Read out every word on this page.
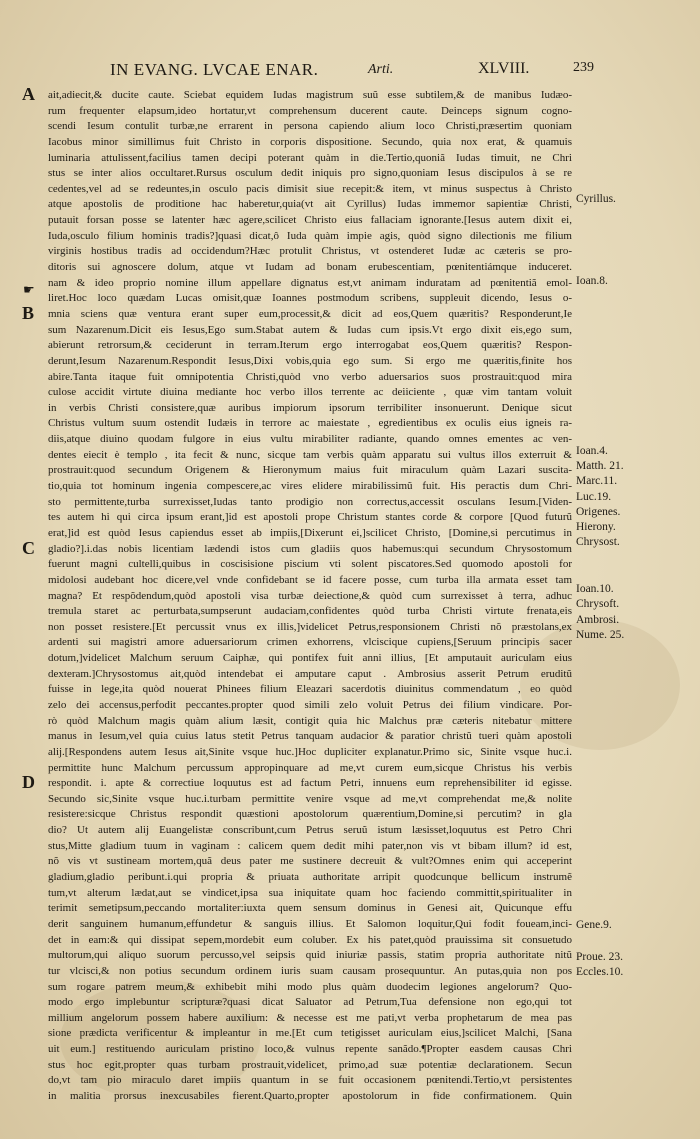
IN EVANG. LVCAE ENAR.	Arti.	XLVIII.	239
A
☛
B
C
D
ait,adiecit,& ducite caute. Sciebat equidem Iudas magistrum suũ esse subtilem,& de manibus Iudæo-
rum frequenter elapsum,ideo hortatur,vt comprehensum ducerent caute. Deinceps signum cogno-
scendi Iesum contulit turbæ,ne errarent in persona capiendo alium loco Christi,præsertim quoniam
Iacobus minor simillimus fuit Christo in corporis dispositione. Secundo, quia nox erat, & quamuis
luminaria attulissent,facilius tamen decipi poterant quàm in die.Tertio,quoniã Iudas timuit, ne Chri
stus se inter alios occultaret.Rursus osculum dedit iniquis pro signo,quoniam Iesus discipulos à se re
cedentes,vel ad se redeuntes,in osculo pacis dimisit siue recepit:& item, vt minus suspectus à Christo
atque apostolis de proditione hac haberetur,quia(vt ait Cyrillus) Iudas immemor sapientiæ Christi,
putauit forsan posse se latenter hæc agere,scilicet Christo eius fallaciam ignorante.[Iesus autem dixit ei,
Iuda,osculo filium hominis tradis?]quasi dicat,ô Iuda quàm impie agis, quòd signo dilectionis me filium
virginis hostibus tradis ad occidendum?Hæc protulit Christus, vt ostenderet Iudæ ac cæteris se pro-
ditoris sui agnoscere dolum, atque vt Iudam ad bonam erubescentiam, pœnitentiámque induceret.
nam & ideo proprio nomine illum appellare dignatus est,vt animam induratam ad pœnitentiã emol-
liret.Hoc loco quædam Lucas omisit,quæ Ioannes postmodum scribens, suppleuit dicendo, Iesus o-
mnia sciens quæ ventura erant super eum,processit,& dicit ad eos,Quem quæritis? Responderunt,Ie
sum Nazarenum.Dicit eis Iesus,Ego sum.Stabat autem & Iudas cum ipsis.Vt ergo dixit eis,ego sum,
abierunt retrorsum,& ceciderunt in terram.Iterum ergo interrogabat eos,Quem quæritis? Respon-
derunt,Iesum Nazarenum.Respondit Iesus,Dixi vobis,quia ego sum. Si ergo me quæritis,finite hos
abire.Tanta itaque fuit omnipotentia Christi,quòd vno verbo aduersarios suos prostrauit:quod mira
culose accidit virtute diuina mediante hoc verbo illos terrente ac deiiciente , quæ vim tantam voluit
in verbis Christi consistere,quæ auribus impiorum ipsorum terribiliter insonuerunt. Denique sicut
Christus vultum suum ostendit Iudæis in terrore ac maiestate , egredientibus ex oculis eius igneis ra-
diis,atque diuino quodam fulgore in eius vultu mirabiliter radiante, quando omnes ementes ac ven-
dentes eiecit è templo , ita fecit & nunc, sicque tam verbis quàm apparatu sui vultus illos exterruit &
prostrauit:quod secundum Origenem & Hieronymum maius fuit miraculum quàm Lazari suscita-
tio,quia tot hominum ingenia compescere,ac vires elidere mirabilissimũ fuit. His peractis dum Chri-
sto permittente,turba surrexisset,Iudas tanto prodigio non correctus,accessit osculans Iesum.[Viden-
tes autem hi qui circa ipsum erant,]id est apostoli prope Christum stantes corde & corpore [Quod futurũ
erat,]id est quòd Iesus capiendus esset ab impiis,[Dixerunt ei,]scilicet Christo, [Domine,si percutimus in
gladio?].i.das nobis licentiam lædendi istos cum gladiis quos habemus:qui secundum Chrysostomum
fuerunt magni cultelli,quibus in coscisisione piscium vti solent piscatores.Sed quomodo apostoli for
midolosi audebant hoc dicere,vel vnde confidebant se id facere posse, cum turba illa armata esset tam
magna? Et respõdendum,quòd apostoli visa turbæ deiectione,& quòd cum surrexisset à terra, adhuc
tremula staret ac perturbata,sumpserunt audaciam,confidentes quòd turba Christi virtute frenata,eis
non posset resistere.[Et percussit vnus ex illis,]videlicet Petrus,responsionem Christi nõ præstolans,ex
ardenti sui magistri amore aduersariorum crimen exhorrens, vlciscique cupiens,[Seruum principis sacer
dotum,]videlicet Malchum seruum Caiphæ, qui pontifex fuit anni illius, [Et amputauit auriculam eius
dexteram.]Chrysostomus ait,quòd intendebat ei amputare caput . Ambrosius asserit Petrum eruditũ
fuisse in lege,ita quòd nouerat Phinees filium Eleazari sacerdotis diuinitus commendatum , eo quòd
zelo dei accensus,perfodit peccantes.propter quod simili zelo voluit Petrus dei filium vindicare. Por-
rò quòd Malchum magis quàm alium læsit, contigit quia hic Malchus præ cæteris nitebatur mittere
manus in Iesum,vel quia cuius latus stetit Petrus tanquam audacior & paratior christũ tueri quàm apostoli
alij.[Respondens autem Iesus ait,Sinite vsque huc.]Hoc dupliciter explanatur.Primo sic, Sinite vsque huc.i.
permittite hunc Malchum percussum appropinquare ad me,vt curem eum,sicque Christus his verbis
respondit. i. apte & correctiue loquutus est ad factum Petri, innuens eum reprehensibiliter id egisse.
Secundo sic,Sinite vsque huc.i.turbam permittite venire vsque ad me,vt comprehendat me,& nolite
resistere:sicque Christus respondit quæstioni apostolorum quærentium,Domine,si percutim? in gla
dio? Ut autem alij Euangelistæ conscribunt,cum Petrus seruũ istum læsisset,loquutus est Petro Chri
stus,Mitte gladium tuum in vaginam : calicem quem dedit mihi pater,non vis vt bibam illum? id est,
nõ vis vt sustineam mortem,quã deus pater me sustinere decreuit & vult?Omnes enim qui acceperint
gladium,gladio peribunt.i.qui propria & priuata authoritate arripit quodcunque bellicum instrumẽ
tum,vt alterum lædat,aut se vindicet,ipsa sua iniquitate quam hoc faciendo committit,spiritualiter in
terimit semetipsum,peccando mortaliter:iuxta quem sensum dominus in Genesi ait, Quicunque effu
derit sanguinem humanum,effundetur & sanguis illius. Et Salomon loquitur,Qui fodit foueam,inci-
det in eam:& qui dissipat sepem,mordebit eum coluber. Ex his patet,quòd prauissima sit consuetudo
multorum,qui aliquo suorum percusso,vel seipsis quid iniuriæ passis, statim propria authoritate nitũ
tur vlcisci,& non potius secundum ordinem iuris suam causam prosequuntur. An putas,quia non pos
sum rogare patrem meum,& exhibebit mihi modo plus quàm duodecim legiones angelorum? Quo-
modo ergo implebuntur scripturæ?quasi dicat Saluator ad Petrum,Tua defensione non ego,qui tot
millium angelorum possem habere auxilium: & necesse est me pati,vt verba prophetarum de mea pas
sione prædicta verificentur & impleantur in me.[Et cum tetigisset auriculam eius,]scilicet Malchi, [Sana
uit eum.] restituendo auriculam pristino loco,& vulnus repente sanãdo.¶Propter easdem causas Chri
stus hoc egit,propter quas turbam prostrauit,videlicet, primo,ad suæ potentiæ declarationem. Secun
do,vt tam pio miraculo daret impiis quantum in se fuit occasionem pœnitendi.Tertio,vt persistentes
in malitia prorsus inexcusabiles fierent.Quarto,propter apostolorum in fide confirmationem. Quin
Cyrillus.
Ioan.8.
Ioan.4.
Matth. 21.
Marc.11.
Luc.19.
Origenes.
Hierony.
Chrysost.
Ioan.10.
Chrysoft.
Ambrosi.
Nume. 25.
Gene.9.
Proue. 23.
Eccles.10.
